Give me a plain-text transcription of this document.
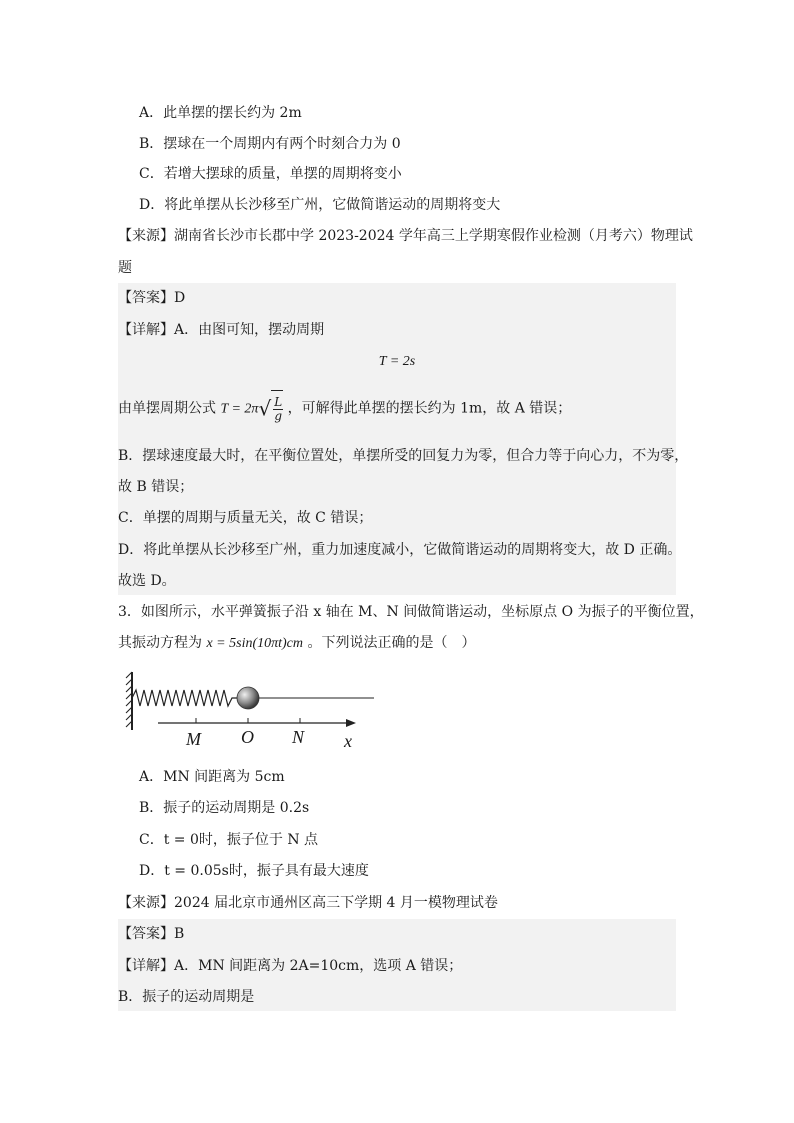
A．此单摆的摆长约为 2m
B．摆球在一个周期内有两个时刻合力为 0
C．若增大摆球的质量，单摆的周期将变小
D．将此单摆从长沙移至广州，它做简谐运动的周期将变大
【来源】湖南省长沙市长郡中学 2023-2024 学年高三上学期寒假作业检测（月考六）物理试
题
【答案】D
【详解】A．由图可知，摆动周期
T = 2s
由单摆周期公式 $T = 2\pi√ \frac{L}{g}$ ，可解得此单摆的摆长约为 1m，故 A 错误；
B．摆球速度最大时，在平衡位置处，单摆所受的回复力为零，但合力等于向心力，不为零，
故 B 错误；
C．单摆的周期与质量无关，故 C 错误；
D．将此单摆从长沙移至广州，重力加速度减小，它做简谐运动的周期将变大，故 D 正确。
故选 D。
3．如图所示，水平弹簧振子沿 x 轴在 M、N 间做简谐运动，坐标原点 O 为振子的平衡位置，
其振动方程为 x = 5sin(10πt)cm 。下列说法正确的是（　）
M O N x
A．MN 间距离为 5cm
B．振子的运动周期是 0.2s
C．t = 0时，振子位于 N 点
D．t = 0.05s时，振子具有最大速度
【来源】2024 届北京市通州区高三下学期 4 月一模物理试卷
【答案】B
【详解】A．MN 间距离为 2A=10cm，选项 A 错误；
B．振子的运动周期是
